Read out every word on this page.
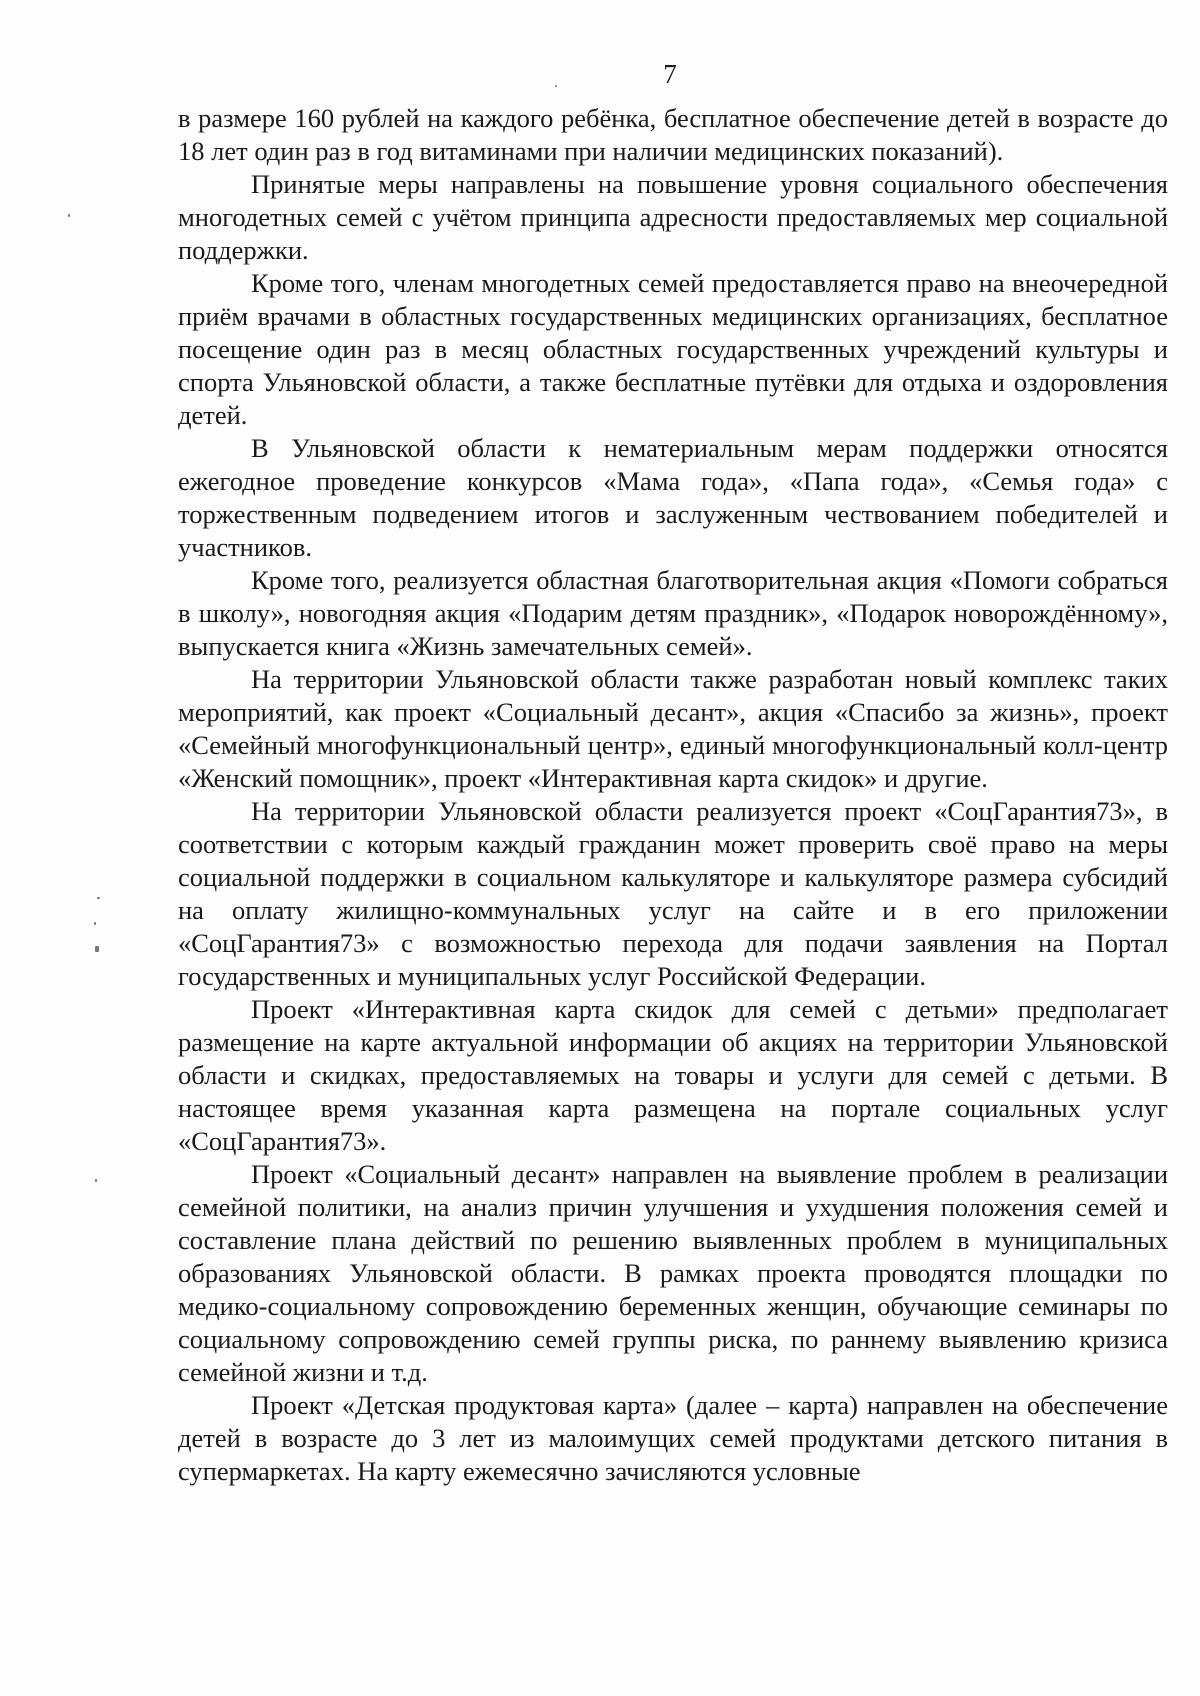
7

в размере 160 рублей на каждого ребёнка, бесплатное обеспечение детей в возрасте до 18 лет один раз в год витаминами при наличии медицинских показаний).

Принятые меры направлены на повышение уровня социального обеспечения многодетных семей с учётом принципа адресности предоставляемых мер социальной поддержки.

Кроме того, членам многодетных семей предоставляется право на внеочередной приём врачами в областных государственных медицинских организациях, бесплатное посещение один раз в месяц областных государственных учреждений культуры и спорта Ульяновской области, а также бесплатные путёвки для отдыха и оздоровления детей.

В Ульяновской области к нематериальным мерам поддержки относятся ежегодное проведение конкурсов «Мама года», «Папа года», «Семья года» с торжественным подведением итогов и заслуженным чествованием победителей и участников.

Кроме того, реализуется областная благотворительная акция «Помоги собраться в школу», новогодняя акция «Подарим детям праздник», «Подарок новорождённому», выпускается книга «Жизнь замечательных семей».

На территории Ульяновской области также разработан новый комплекс таких мероприятий, как проект «Социальный десант», акция «Спасибо за жизнь», проект «Семейный многофункциональный центр», единый многофункциональный колл-центр «Женский помощник», проект «Интерактивная карта скидок» и другие.

На территории Ульяновской области реализуется проект «СоцГарантия73», в соответствии с которым каждый гражданин может проверить своё право на меры социальной поддержки в социальном калькуляторе и калькуляторе размера субсидий на оплату жилищно-коммунальных услуг на сайте и в его приложении «СоцГарантия73» с возможностью перехода для подачи заявления на Портал государственных и муниципальных услуг Российской Федерации.

Проект «Интерактивная карта скидок для семей с детьми» предполагает размещение на карте актуальной информации об акциях на территории Ульяновской области и скидках, предоставляемых на товары и услуги для семей с детьми. В настоящее время указанная карта размещена на портале социальных услуг «СоцГарантия73».

Проект «Социальный десант» направлен на выявление проблем в реализации семейной политики, на анализ причин улучшения и ухудшения положения семей и составление плана действий по решению выявленных проблем в муниципальных образованиях Ульяновской области. В рамках проекта проводятся площадки по медико-социальному сопровождению беременных женщин, обучающие семинары по социальному сопровождению семей группы риска, по раннему выявлению кризиса семейной жизни и т.д.

Проект «Детская продуктовая карта» (далее – карта) направлен на обеспечение детей в возрасте до 3 лет из малоимущих семей продуктами детского питания в супермаркетах. На карту ежемесячно зачисляются условные
